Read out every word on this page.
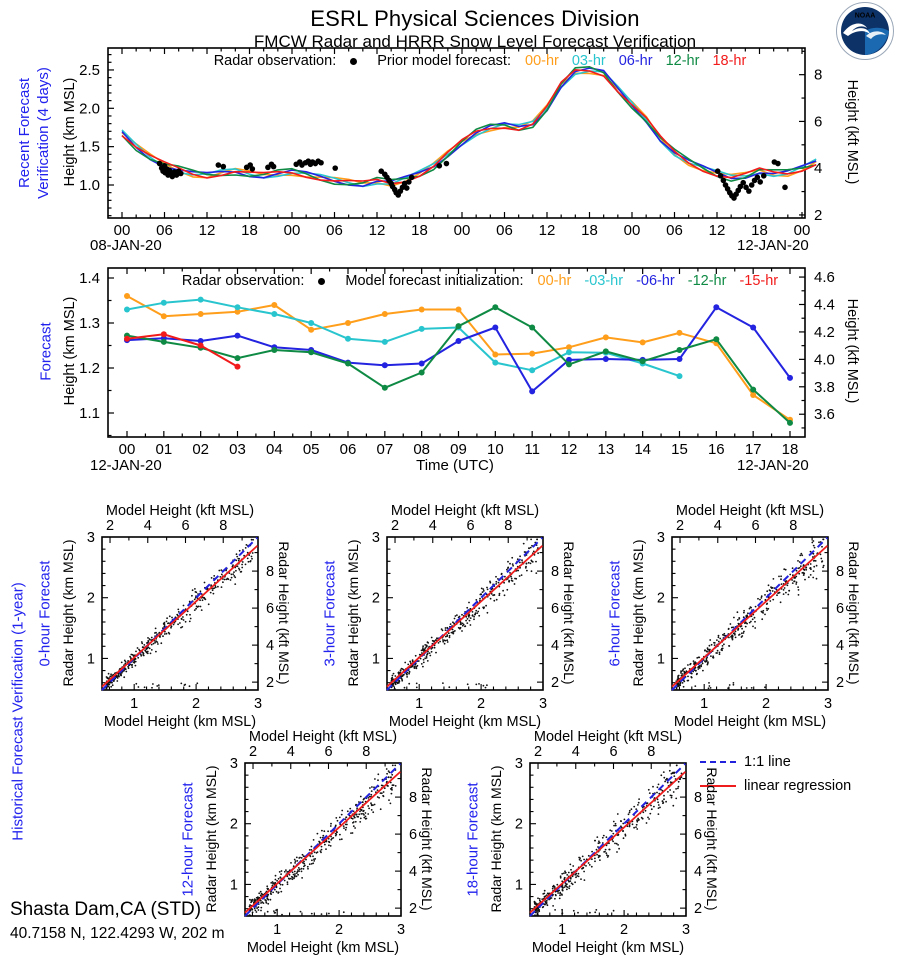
ESRL Physical Sciences Division
FMCW Radar and HRRR Snow Level Forecast Verification
NOAA
00 06 12 18 00 06 12 18 00 06 12 18 00 06 12 18 00
1.0
1.5
2.0
2.5
2
4
6
8
00 01 02 03 04 05 06 07 08 09 10 11 12 13 14 15 16 17 18
1.1
1.2
1.3
1.4
3.6
3.8
4.0
4.2
4.4
4.6
1
1
2
2
3
3
2
2
4
4
6
6
8
8
1
1
2
2
3
3
2
2
4
4
6
6
8
8
1
1
2
2
3
3
2
2
4
4
6
6
8
8
1
1
2
2
3
3
2
2
4
4
6
6
8
8
1
1
2
2
3
3
2
2
4
4
6
6
8
8
Recent Forecast Verification (4 days) Height (km MSL)	Height (kft MSL)
Forecast Height (km MSL)	Height (kft MSL)
Historical Forecast Verification (1-year)
Radar observation:	Prior model forecast: 00-hr 03-hr 06-hr 12-hr 18-hr
Radar observation:	Model forecast initialization: 00-hr -03-hr -06-hr -12-hr -15-hr
08-JAN-20	12-JAN-20
12-JAN-20	12-JAN-20
Time (UTC)
1:1 line
linear regression
Shasta Dam,CA (STD)
40.7158 N, 122.4293 W, 202 m
0-hour Forecast Radar Height (km MSL)	Radar Height (kft MSL)
Model Height (kft MSL)
Model Height (km MSL)
3-hour Forecast Radar Height (km MSL)	Radar Height (kft MSL)
Model Height (kft MSL)
Model Height (km MSL)
6-hour Forecast Radar Height (km MSL)	Radar Height (kft MSL)
Model Height (kft MSL)
Model Height (km MSL)
12-hour Forecast Radar Height (km MSL)	Radar Height (kft MSL)
Model Height (kft MSL)
Model Height (km MSL)
18-hour Forecast Radar Height (km MSL)	Radar Height (kft MSL)
Model Height (kft MSL)
Model Height (km MSL)
